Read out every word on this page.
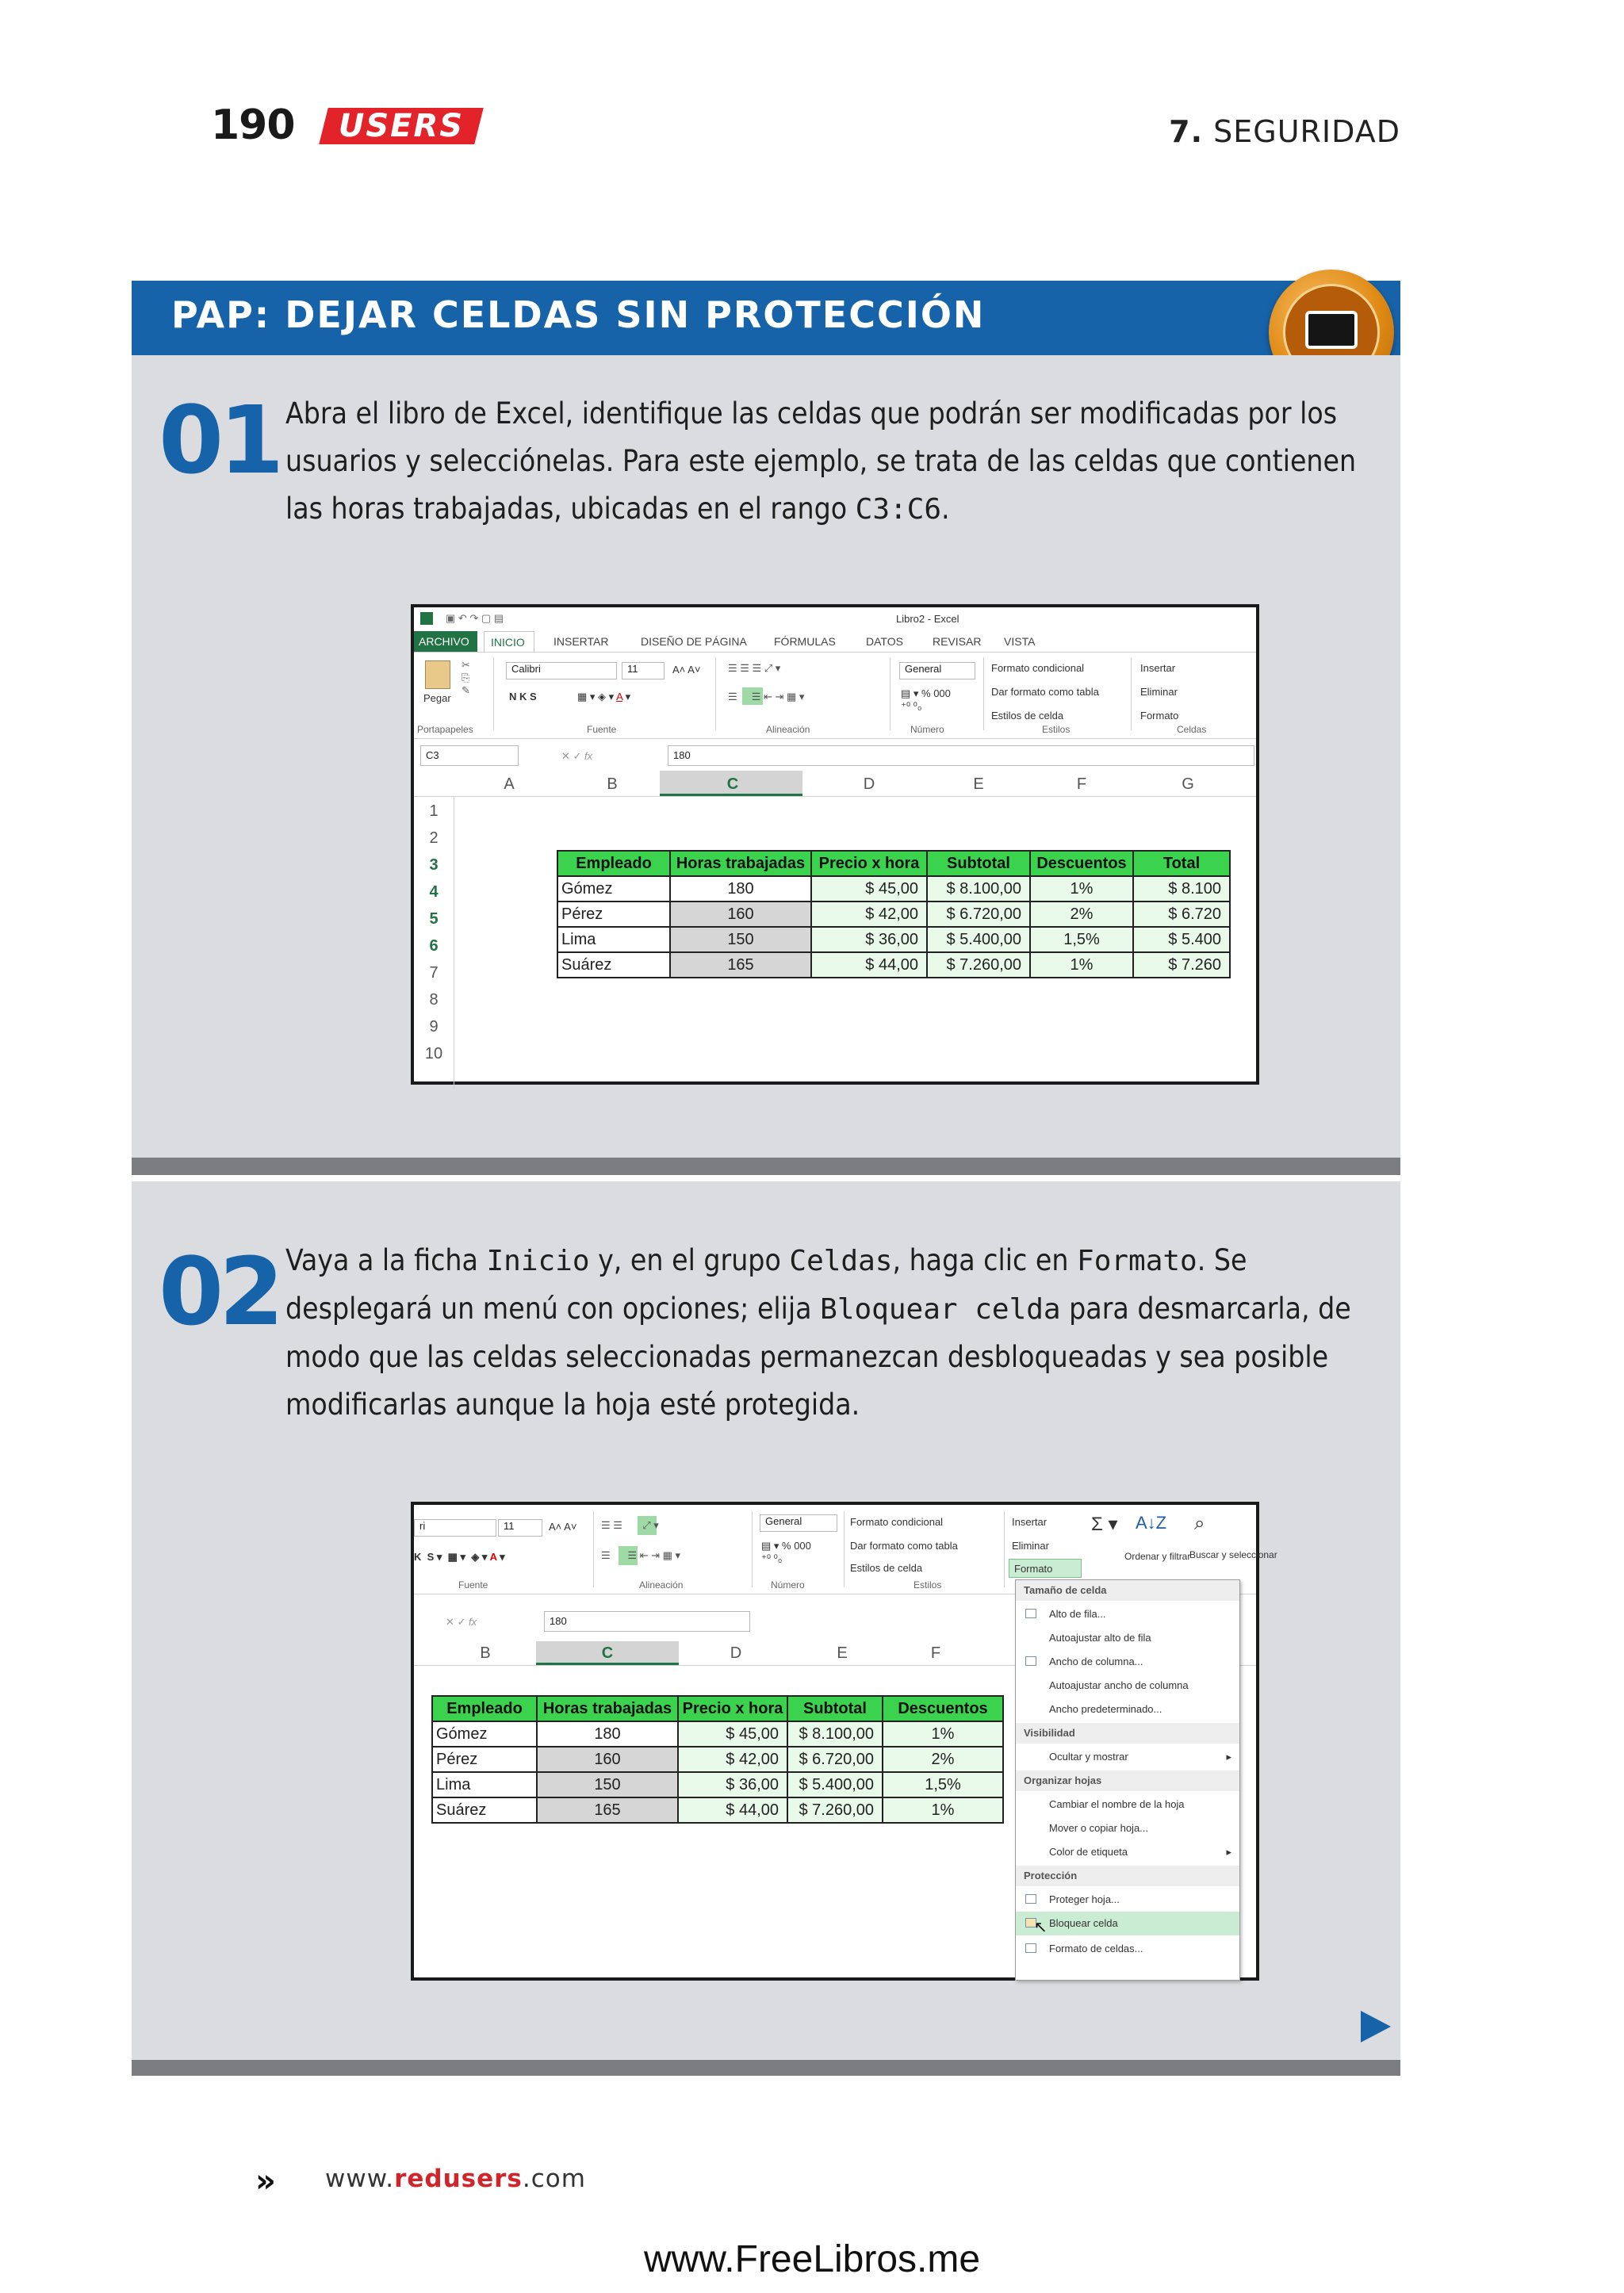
190	USERS	7. SEGURIDAD
PAP: DEJAR CELDAS SIN PROTECCIÓN
01 Abra el libro de Excel, identifique las celdas que podrán ser modificadas por los usuarios y selecciónelas. Para este ejemplo, se trata de las celdas que contienen las horas trabajadas, ubicadas en el rango C3:C6.
▣ ↶ ↷ ▢ ▤	Libro2 - Excel
ARCHIVO INICIO	INSERTAR	DISEÑO DE PÁGINA FÓRMULAS	DATOS	REVISAR VISTA
Pegar
✂
⎘
✎
Calibri	11	A˄ A˅
N K S	▦ ▾ ◈ ▾ A ▾
☰ ☰ ☰ ⤢ ▾
☰     ☰ ⇤ ⇥ ▦ ▾
General
▤ ▾ % 000
⁺⁰ ⁰₀
Formato condicional
Dar formato como tabla
Estilos de celda
Insertar
Eliminar
Formato
Portapapeles	Fuente	Alineación	Número	Estilos	Celdas
C3	✕ ✓ fx	180
A	B	C	D	E	F	G
1
2
3
4
5
6
7
8
9
10
Empleado	Horas trabajadas	Precio x hora	Subtotal	Descuentos	Total
Gómez	180	$ 45,00	$ 8.100,00	1%	$ 8.100
Pérez	160	$ 42,00	$ 6.720,00	2%	$ 6.720
Lima	150	$ 36,00	$ 5.400,00	1,5%	$ 5.400
Suárez	165	$ 44,00	$ 7.260,00	1%	$ 7.260
02 Vaya a la ficha Inicio y, en el grupo Celdas, haga clic en Formato. Se desplegará un menú con opciones; elija Bloquear celda para desmarcarla, de modo que las celdas seleccionadas permanezcan desbloqueadas y sea posible modificarlas aunque la hoja esté protegida.
ri	11	A˄ A˅
K  S ▾  ▦ ▾  ◈ ▾ A ▾
☰ ☰       ⤢ ▾
☰      ☰ ⇤ ⇥ ▦ ▾
General
▤ ▾ % 000
⁺⁰ ⁰₀
Formato condicional
Dar formato como tabla
Estilos de celda
Insertar
Eliminar
Formato
Σ ▾ A↓Z
Ordenar y filtrar
⌕
Buscar y seleccionar
Fuente	Alineación	Número	Estilos
✕ ✓ fx	180
B	C	D	E	F
Empleado	Horas trabajadas	Precio x hora	Subtotal	Descuentos
Gómez	180	$ 45,00	$ 8.100,00	1%
Pérez	160	$ 42,00	$ 6.720,00	2%
Lima	150	$ 36,00	$ 5.400,00	1,5%
Suárez	165	$ 44,00	$ 7.260,00	1%
Tamaño de celda
Alto de fila...
Autoajustar alto de fila
Ancho de columna...
Autoajustar ancho de columna
Ancho predeterminado...
Visibilidad
Ocultar y mostrar	▸
Organizar hojas
Cambiar el nombre de la hoja
Mover o copiar hoja...
Color de etiqueta	▸
Protección
Proteger hoja...
Bloquear celda
Formato de celdas...
↖
» www.redusers.com
www.FreeLibros.me
